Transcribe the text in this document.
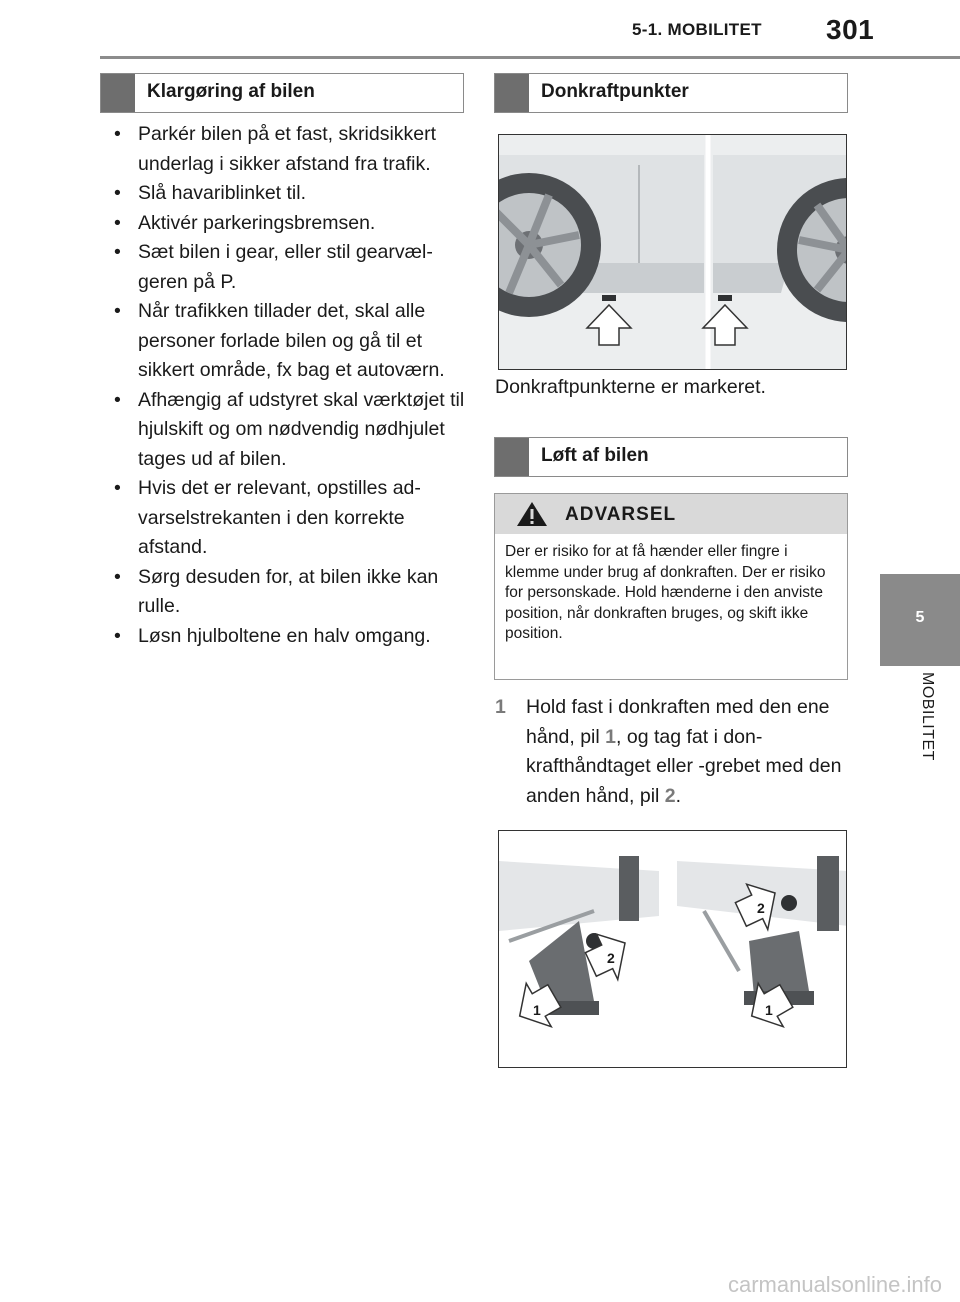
5-1. MOBILITET 301
5
MOBILITET
Klargøring af bilen
• Parkér bilen på et fast, skridsikkert underlag i sikker afstand fra trafik.
• Slå havariblinket til.
• Aktivér parkeringsbremsen.
• Sæt bilen i gear, eller stil gearvælgeren på P.
• Når trafikken tillader det, skal alle personer forlade bilen og gå til et sikkert område, fx bag et autoværn.
• Afhængig af udstyret skal værktøjet til hjulskift og om nødvendig nødhjulet tages ud af bilen.
• Hvis det er relevant, opstilles advarselstrekanten i den korrekte afstand.
• Sørg desuden for, at bilen ikke kan rulle.
• Løsn hjulboltene en halv omgang.
Donkraftpunkter
Donkraftpunkterne er markeret.
Løft af bilen
ADVARSEL
Der er risiko for at få hænder eller fingre i klemme under brug af donkraften. Der er risiko for personskade. Hold hænderne i den anviste position, når donkraften bruges, og skift ikke position.
1	Hold fast i donkraften med den ene hånd, pil 1, og tag fat i donkrafthåndtaget eller -grebet med den anden hånd, pil 2.
1
2
2
1
carmanualsonline.info
